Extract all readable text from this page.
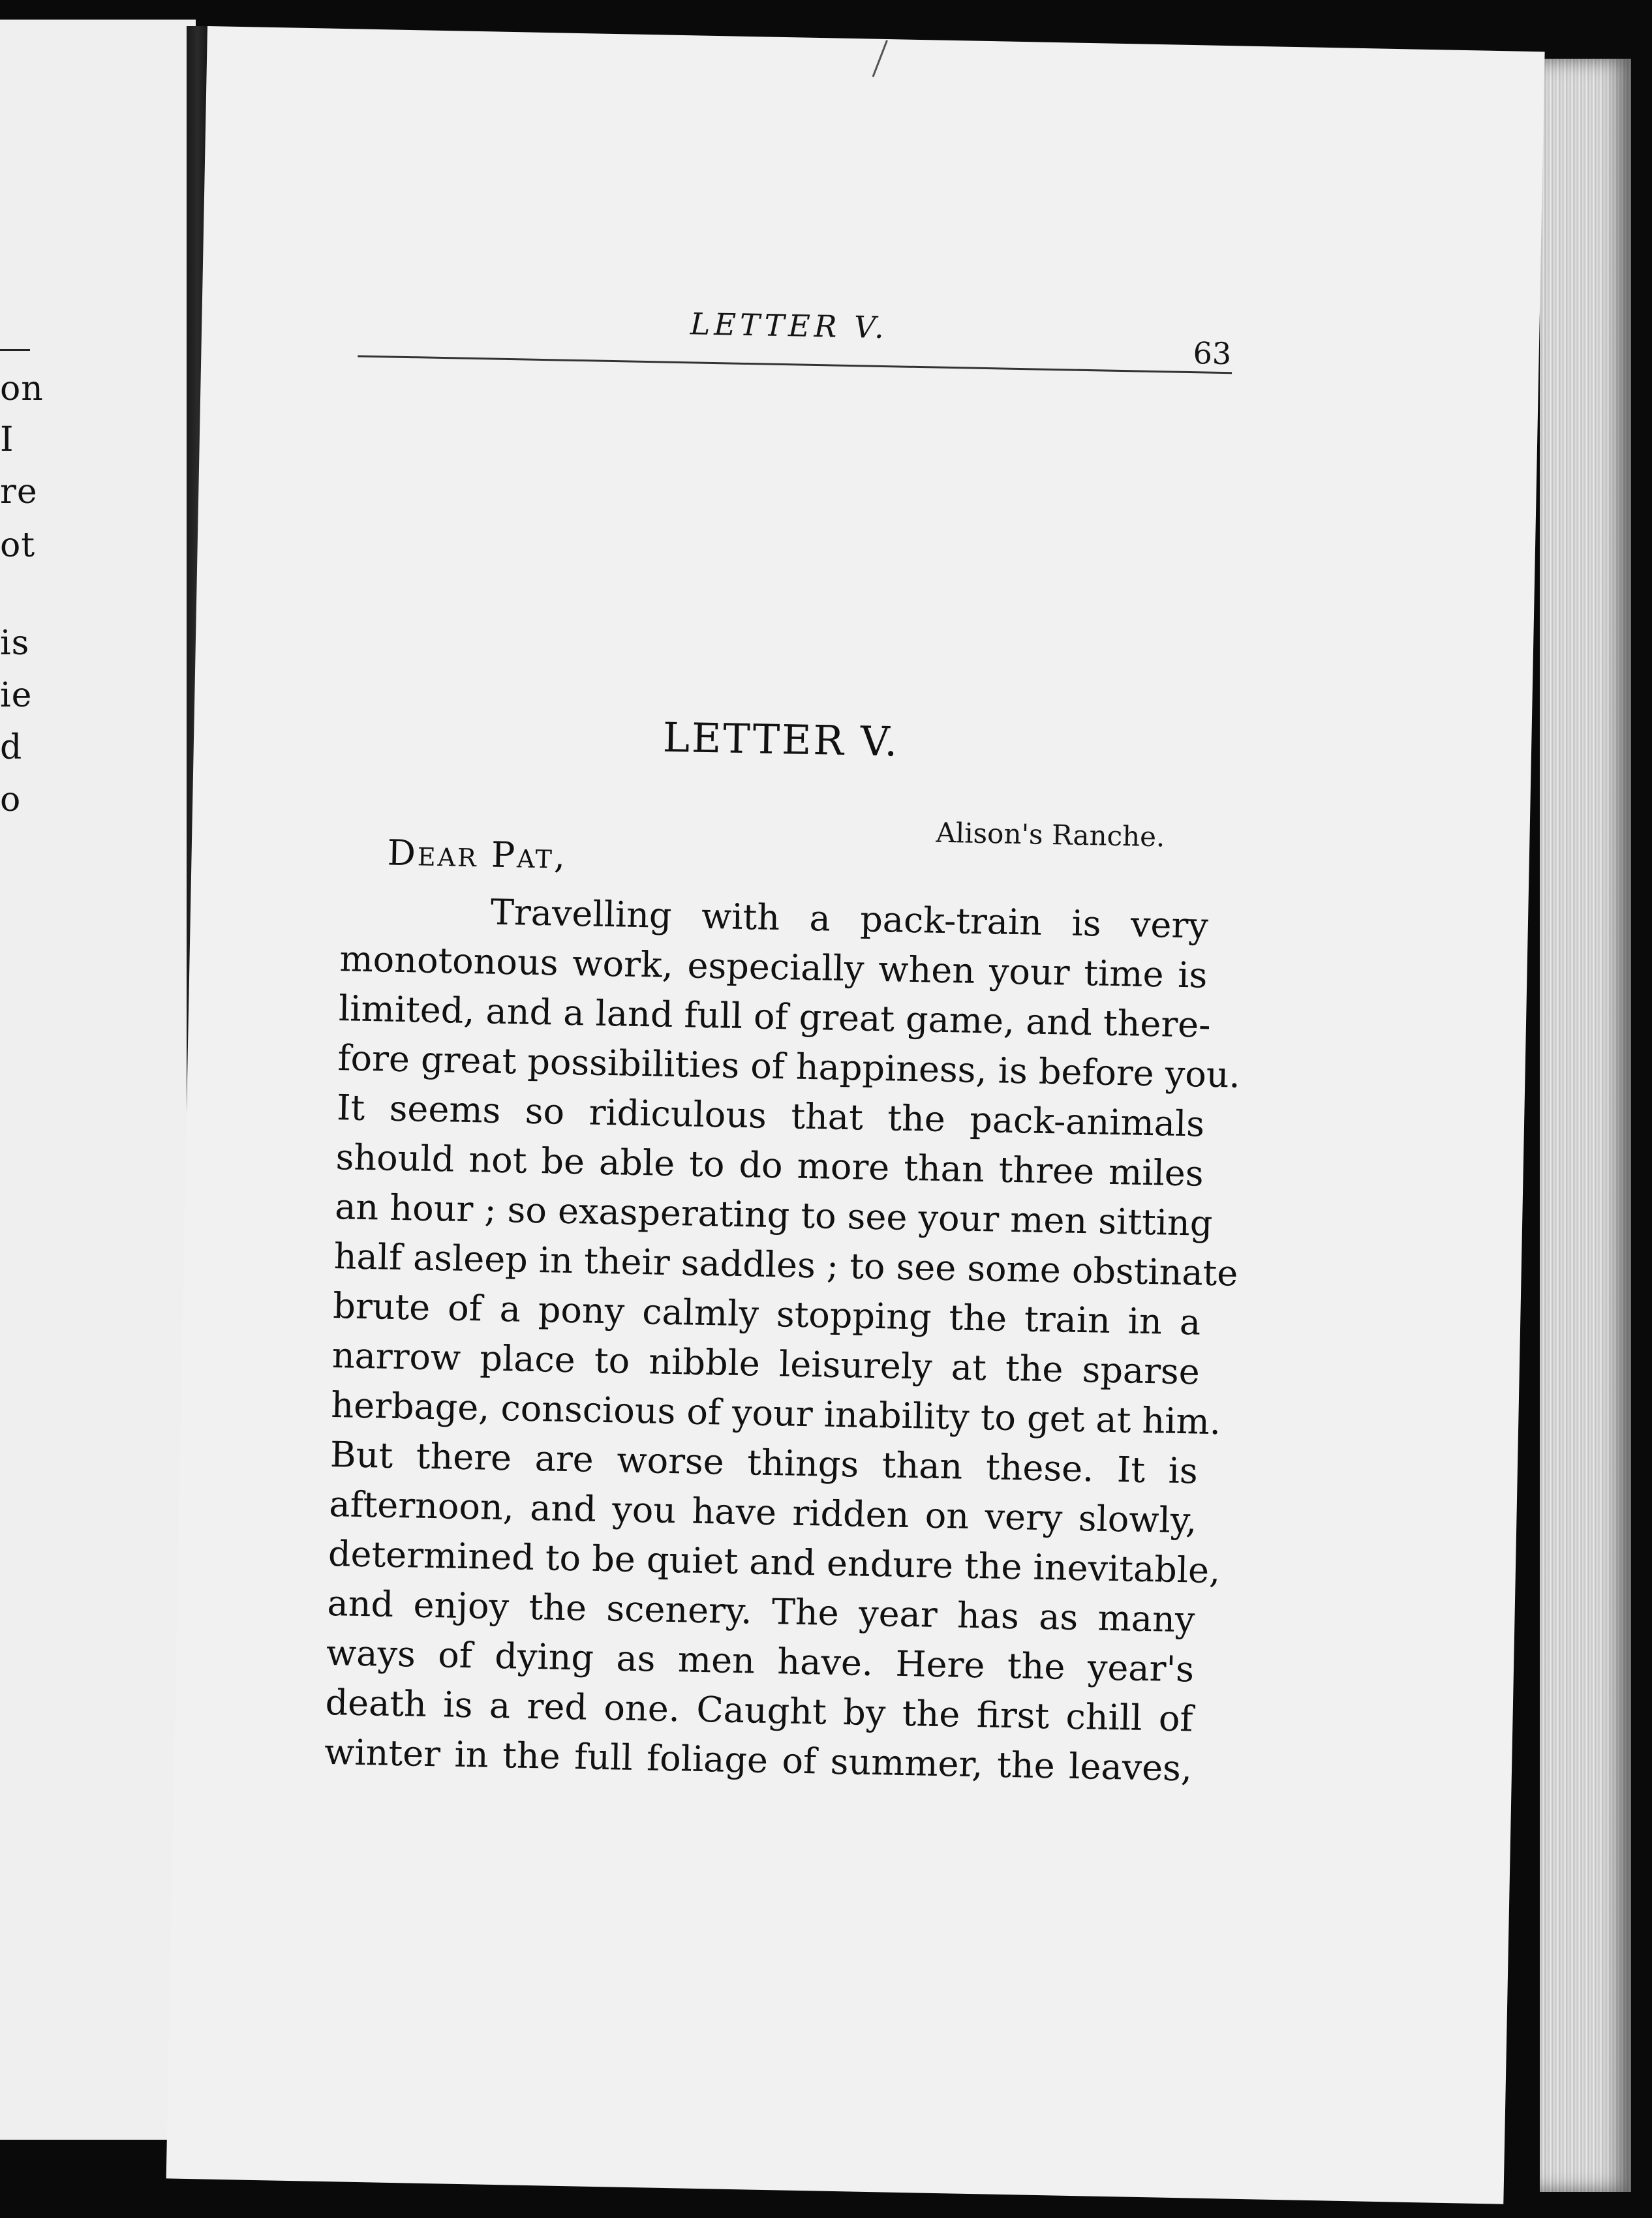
on
I
re
ot
is
ie
d
o
LETTER V.
63
LETTER V.
Alison's Ranche.
Dear Pat,
Travelling with a pack-train is very
monotonous work, especially when your time is
limited, and a land full of great game, and there-
fore great possibilities of happiness, is before you.
It seems so ridiculous that the pack-animals
should not be able to do more than three miles
an hour ; so exasperating to see your men sitting
half asleep in their saddles ; to see some obstinate
brute of a pony calmly stopping the train in a
narrow place to nibble leisurely at the sparse
herbage, conscious of your inability to get at him.
But there are worse things than these. It is
afternoon, and you have ridden on very slowly,
determined to be quiet and endure the inevitable,
and enjoy the scenery. The year has as many
ways of dying as men have. Here the year's
death is a red one. Caught by the first chill of
winter in the full foliage of summer, the leaves,
